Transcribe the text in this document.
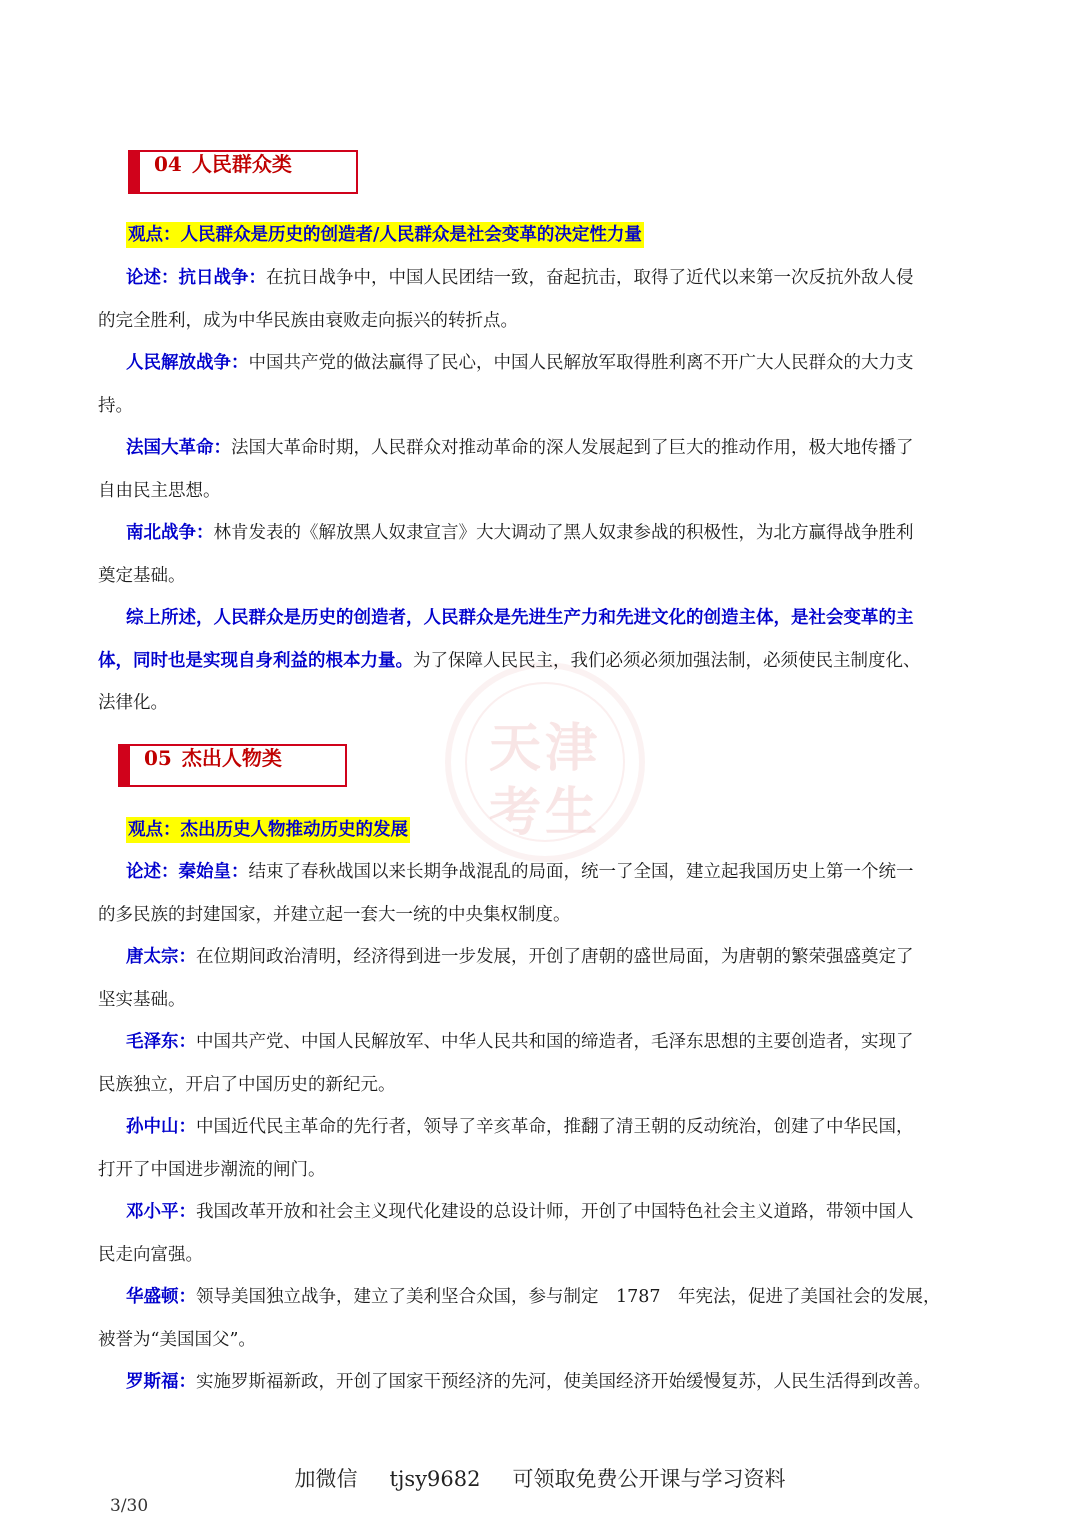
天津
考生
04 人民群众类
观点：人民群众是历史的创造者/人民群众是社会变革的决定性力量
论述：抗日战争：在抗日战争中，中国人民团结一致，奋起抗击，取得了近代以来第一次反抗外敌人侵
的完全胜利，成为中华民族由衰败走向振兴的转折点。
人民解放战争：中国共产党的做法赢得了民心，中国人民解放军取得胜利离不开广大人民群众的大力支
持。
法国大革命：法国大革命时期，人民群众对推动革命的深人发展起到了巨大的推动作用，极大地传播了
自由民主思想。
南北战争：林肯发表的《解放黑人奴隶宣言》大大调动了黑人奴隶参战的积极性，为北方赢得战争胜利
奠定基础。
综上所述，人民群众是历史的创造者，人民群众是先进生产力和先进文化的创造主体，是社会变革的主
体，同时也是实现自身利益的根本力量。为了保障人民民主，我们必须必须加强法制，必须使民主制度化、
法律化。
05 杰出人物类
观点：杰出历史人物推动历史的发展
论述：秦始皇：结束了春秋战国以来长期争战混乱的局面，统一了全国，建立起我国历史上第一个统一
的多民族的封建国家，并建立起一套大一统的中央集权制度。
唐太宗：在位期间政治清明，经济得到进一步发展，开创了唐朝的盛世局面，为唐朝的繁荣强盛奠定了
坚实基础。
毛泽东：中国共产党、中国人民解放军、中华人民共和国的缔造者，毛泽东思想的主要创造者，实现了
民族独立，开启了中国历史的新纪元。
孙中山：中国近代民主革命的先行者，领导了辛亥革命，推翻了清王朝的反动统治，创建了中华民国，
打开了中国进步潮流的闸门。
邓小平：我国改革开放和社会主义现代化建设的总设计师，开创了中国特色社会主义道路，带领中国人
民走向富强。
华盛顿：领导美国独立战争，建立了美利坚合众国，参与制定　1787　年宪法，促进了美国社会的发展，
被誉为“美国国父”。
罗斯福：实施罗斯福新政，开创了国家干预经济的先河，使美国经济开始缓慢复苏，人民生活得到改善。
加微信 tjsy9682 可领取免费公开课与学习资料
3/30
